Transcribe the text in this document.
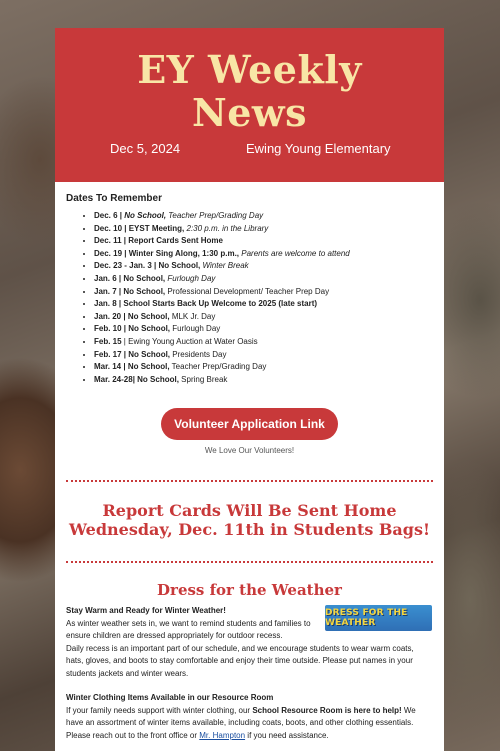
EY Weekly
News
Dec 5, 2024	Ewing Young Elementary
Dates To Remember
• Dec. 6 | No School, Teacher Prep/Grading Day
• Dec. 10 | EYST Meeting, 2:30 p.m. in the Library
• Dec. 11 | Report Cards Sent Home
• Dec. 19 | Winter Sing Along, 1:30 p.m., Parents are welcome to attend
• Dec. 23 - Jan. 3 | No School, Winter Break
• Jan. 6 | No School, Furlough Day
• Jan. 7 | No School, Professional Development/ Teacher Prep Day
• Jan. 8 | School Starts Back Up Welcome to 2025 (late start)
• Jan. 20 | No School, MLK Jr. Day
• Feb. 10 | No School, Furlough Day
• Feb. 15 | Ewing Young Auction at Water Oasis
• Feb. 17 | No School, Presidents Day
• Mar. 14 | No School, Teacher Prep/Grading Day
• Mar. 24-28| No School, Spring Break
Volunteer Application Link
We Love Our Volunteers!
Report Cards Will Be Sent Home
Wednesday, Dec. 11th in Students Bags!
Dress for the Weather
DRESS FOR THE WEATHER

Stay Warm and Ready for Winter Weather!

As winter weather sets in, we want to remind students and families to ensure children are dressed appropriately for outdoor recess.

Daily recess is an important part of our schedule, and we encourage students to wear warm coats, hats, gloves, and boots to stay comfortable and enjoy their time outside. Please put names in your students jackets and winter wears.

Winter Clothing Items Available in our Resource Room

If your family needs support with winter clothing, our School Resource Room is here to help! We have an assortment of winter items available, including coats, boots, and other clothing essentials. Please reach out to the front office or Mr. Hampton if you need assistance.
